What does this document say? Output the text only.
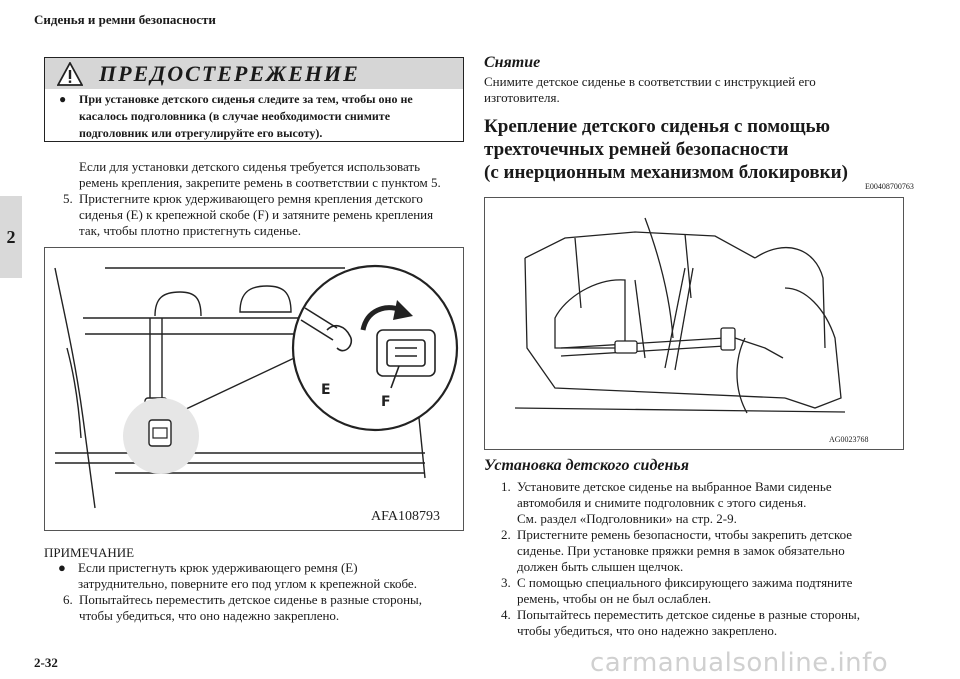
Сиденья и ремни безопасности
2
ПРЕДОСТЕРЕЖЕНИЕ
● При установке детского сиденья следите за тем, чтобы оно не
касалось подголовника (в случае необходимости снимите
подголовник или отрегулируйте его высоту).
Если для установки детского сиденья требуется использовать
ремень крепления, закрепите ремень в соответствии с пунктом 5.
5. Пристегните крюк удерживающего ремня крепления детского
сиденья (E) к крепежной скобе (F) и затяните ремень крепления
так, чтобы плотно пристегнуть сиденье.
E
F
AFA108793
ПРИМЕЧАНИЕ
● Если пристегнуть крюк удерживающего ремня (E)
затруднительно, поверните его под углом к крепежной скобе.
6. Попытайтесь переместить детское сиденье в разные стороны,
чтобы убедиться, что оно надежно закреплено.
Снятие
Снимите детское сиденье в соответствии с инструкцией его
изготовителя.
Крепление детского сиденья с помощью
трехточечных ремней безопасности
(с инерционным механизмом блокировки)
E00408700763
AG0023768
Установка детского сиденья
1. Установите детское сиденье на выбранное Вами сиденье
автомобиля и снимите подголовник с этого сиденья.
См. раздел «Подголовники» на стр. 2-9.
2. Пристегните ремень безопасности, чтобы закрепить детское
сиденье. При установке пряжки ремня в замок обязательно
должен быть слышен щелчок.
3. С помощью специального фиксирующего зажима подтяните
ремень, чтобы он не был ослаблен.
4. Попытайтесь переместить детское сиденье в разные стороны,
чтобы убедиться, что оно надежно закреплено.
2-32	carmanualsonline.info
